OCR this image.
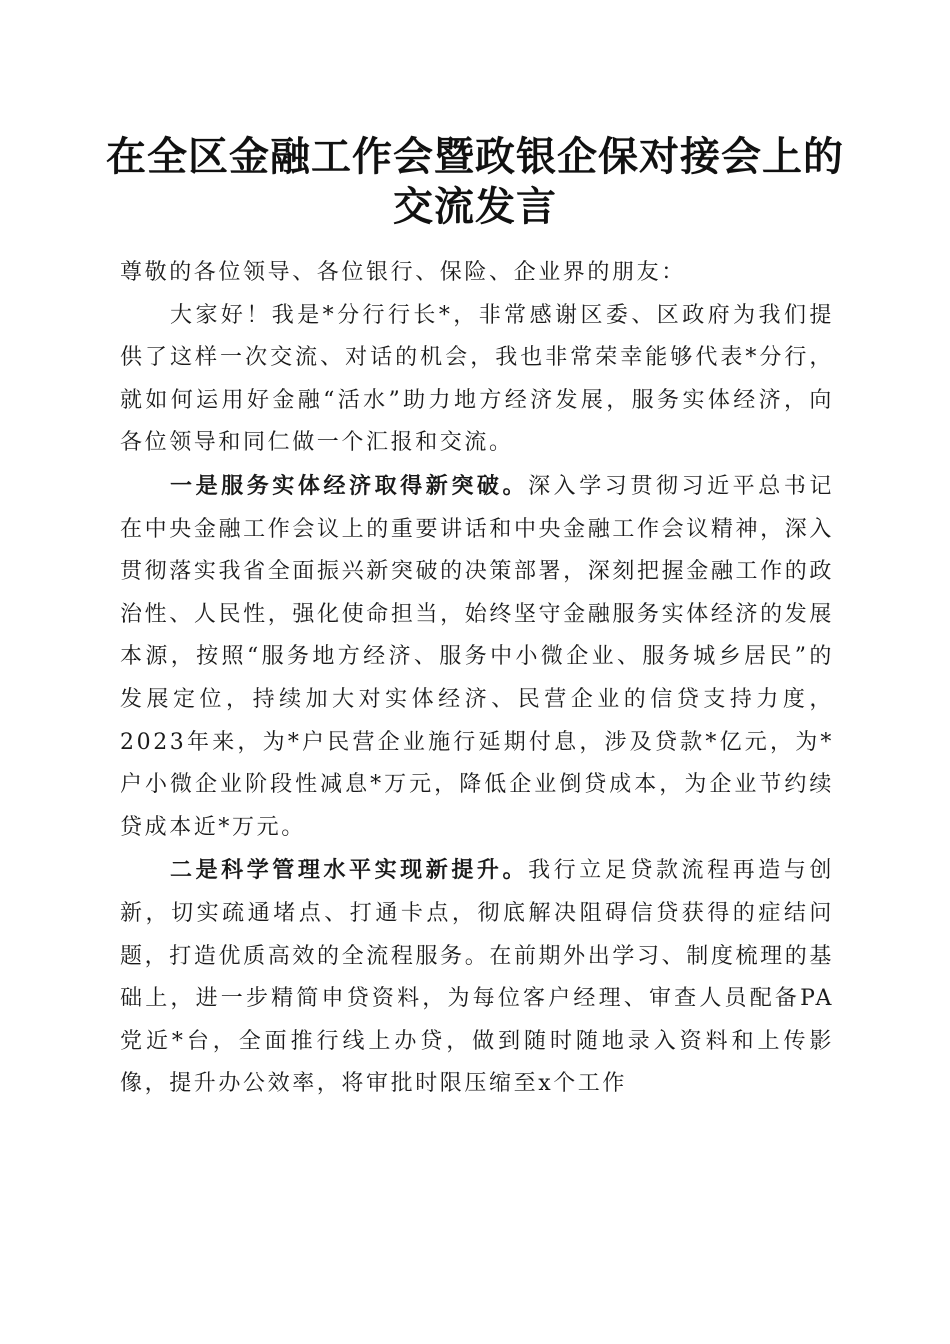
在全区金融工作会暨政银企保对接会上的交流发言

尊敬的各位领导、各位银行、保险、企业界的朋友：

大家好！我是*分行行长*，非常感谢区委、区政府为我们提供了这样一次交流、对话的机会，我也非常荣幸能够代表*分行，就如何运用好金融“活水”助力地方经济发展，服务实体经济，向各位领导和同仁做一个汇报和交流。

一是服务实体经济取得新突破。深入学习贯彻习近平总书记在中央金融工作会议上的重要讲话和中央金融工作会议精神，深入贯彻落实我省全面振兴新突破的决策部署，深刻把握金融工作的政治性、人民性，强化使命担当，始终坚守金融服务实体经济的发展本源，按照“服务地方经济、服务中小微企业、服务城乡居民”的发展定位，持续加大对实体经济、民营企业的信贷支持力度，2023年来，为*户民营企业施行延期付息，涉及贷款*亿元，为*户小微企业阶段性减息*万元，降低企业倒贷成本，为企业节约续贷成本近*万元。

二是科学管理水平实现新提升。我行立足贷款流程再造与创新，切实疏通堵点、打通卡点，彻底解决阻碍信贷获得的症结问题，打造优质高效的全流程服务。在前期外出学习、制度梳理的基础上，进一步精简申贷资料，为每位客户经理、审查人员配备PA党近*台，全面推行线上办贷，做到随时随地录入资料和上传影像，提升办公效率，将审批时限压缩至x个工作
